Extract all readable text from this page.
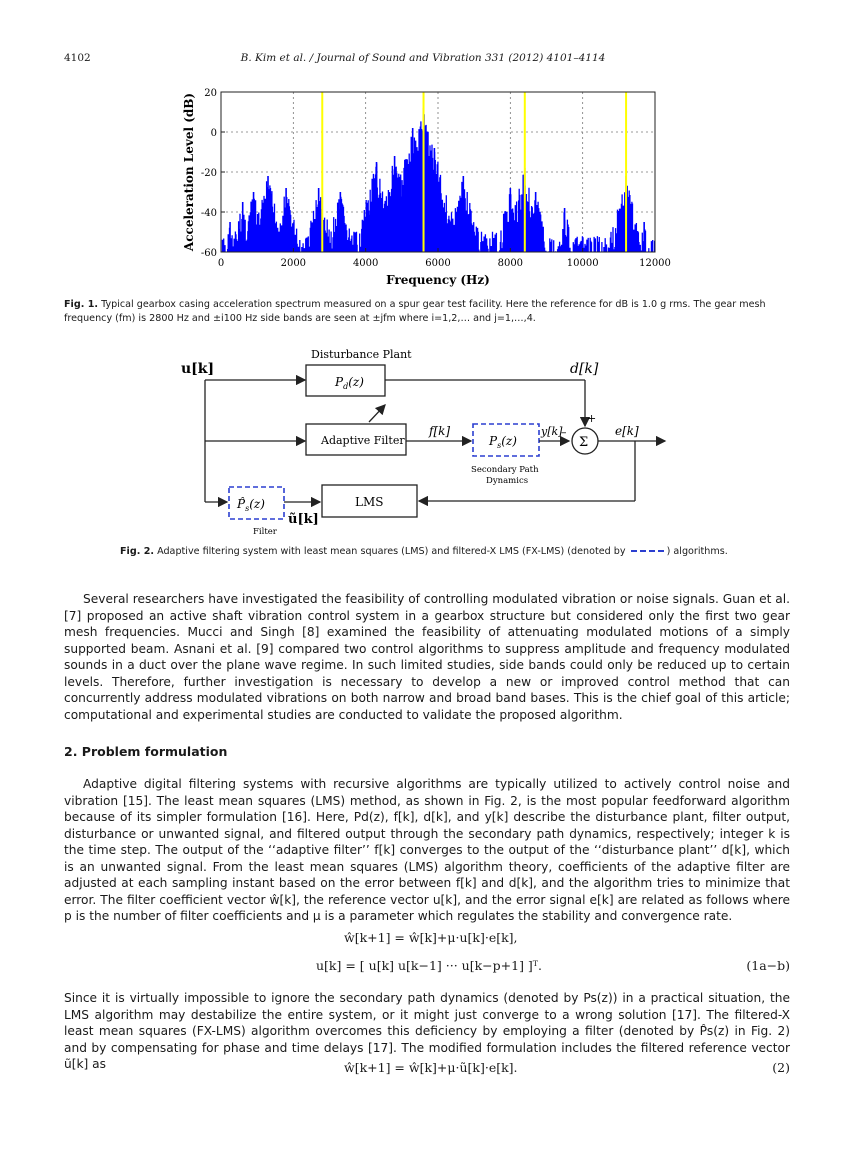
4102	B. Kim et al. / Journal of Sound and Vibration 331 (2012) 4101–4114
0	2000	4000	6000	8000	10000	12000
20
0
-20
-40
-60
Frequency (Hz)
Acceleration Level (dB)
Fig. 1. Typical gearbox casing acceleration spectrum measured on a spur gear test facility. Here the reference for dB is 1.0 g rms. The gear mesh frequency (fm) is 2800 Hz and ±i100 Hz side bands are seen at ±jfm where i=1,2,… and j=1,…,4.
u[k]
Disturbance Plant
$P_d(z)$
d[k]
Adaptive Filter
f[k]
$P_s(z)$
Secondary Path
Dynamics
y[k]
–
+
Σ
e[k]
$P̂_s(z)$
Filter
ũ[k]
LMS
Fig. 2. Adaptive filtering system with least mean squares (LMS) and filtered-X LMS (FX-LMS) (denoted by	) algorithms.
Several researchers have investigated the feasibility of controlling modulated vibration or noise signals. Guan et al. [7] proposed an active shaft vibration control system in a gearbox structure but considered only the first two gear mesh frequencies. Mucci and Singh [8] examined the feasibility of attenuating modulated motions of a simply supported beam. Asnani et al. [9] compared two control algorithms to suppress amplitude and frequency modulated sounds in a duct over the plane wave regime. In such limited studies, side bands could only be reduced up to certain levels. Therefore, further investigation is necessary to develop a new or improved control method that can concurrently address modulated vibrations on both narrow and broad band bases. This is the chief goal of this article; computational and experimental studies are conducted to validate the proposed algorithm.
2. Problem formulation
Adaptive digital filtering systems with recursive algorithms are typically utilized to actively control noise and vibration [15]. The least mean squares (LMS) method, as shown in Fig. 2, is the most popular feedforward algorithm because of its simpler formulation [16]. Here, Pd(z), f[k], d[k], and y[k] describe the disturbance plant, filter output, disturbance or unwanted signal, and filtered output through the secondary path dynamics, respectively; integer k is the time step. The output of the ‘‘adaptive filter’’ f[k] converges to the output of the ‘‘disturbance plant’’ d[k], which is an unwanted signal. From the least mean squares (LMS) algorithm theory, coefficients of the adaptive filter are adjusted at each sampling instant based on the error between f[k] and d[k], and the algorithm tries to minimize that error. The filter coefficient vector ŵ[k], the reference vector u[k], and the error signal e[k] are related as follows where p is the number of filter coefficients and μ is a parameter which regulates the stability and convergence rate.
ŵ[k+1] = ŵ[k]+μ·u[k]·e[k],
u[k] = [ u[k] u[k−1] ··· u[k−p+1] ]ᵀ.	(1a−b)
Since it is virtually impossible to ignore the secondary path dynamics (denoted by Ps(z)) in a practical situation, the LMS algorithm may destabilize the entire system, or it might just converge to a wrong solution [17]. The filtered-X least mean squares (FX-LMS) algorithm overcomes this deficiency by employing a filter (denoted by P̂s(z) in Fig. 2) and by compensating for phase and time delays [17]. The modified formulation includes the filtered reference vector ũ[k] as	ŵ[k+1] = ŵ[k]+μ·ũ[k]·e[k].	(2)
